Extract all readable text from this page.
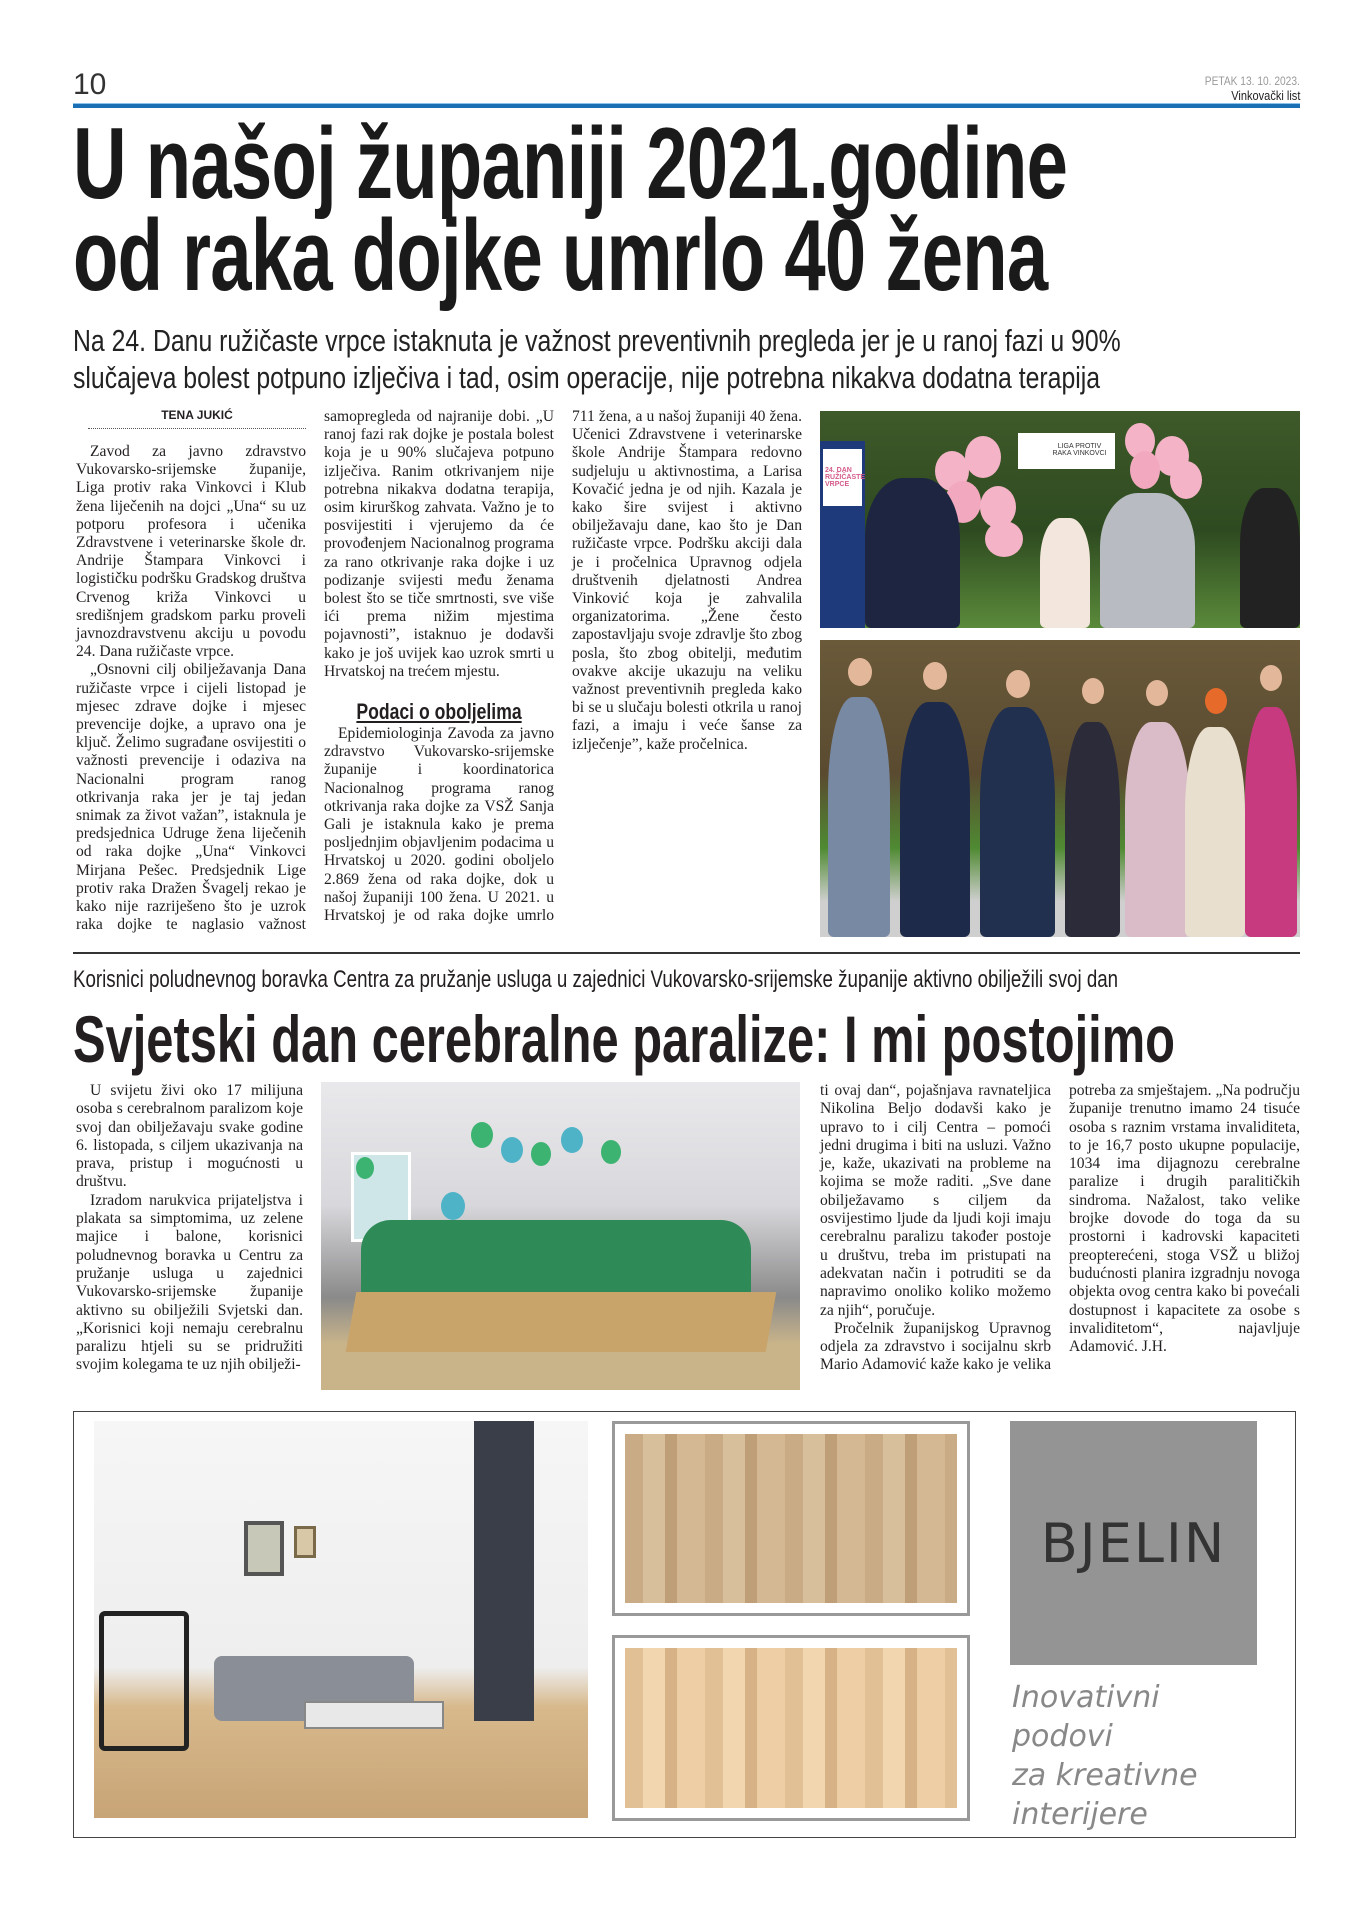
10	PETAK 13. 10. 2023.
Vinkovački list
U našoj županiji 2021.godine
od raka dojke umrlo 40 žena
Na 24. Danu ružičaste vrpce istaknuta je važnost preventivnih pregleda jer je u ranoj fazi u 90%
slučajeva bolest potpuno izlječiva i tad, osim operacije, nije potrebna nikakva dodatna terapija
TENA JUKIĆ

Zavod za javno zdravstvo Vukovarsko-srijemske županije, Liga protiv raka Vinkovci i Klub žena liječenih na dojci „Una“ su uz potporu profesora i učenika Zdravstvene i veterinarske škole dr. Andrije Štampara Vinkovci i logističku podršku Gradskog društva Crvenog križa Vinkovci u središnjem gradskom parku proveli javnozdravstvenu akciju u povodu 24. Dana ružičaste vrpce.

„Osnovni cilj obilježavanja Dana ružičaste vrpce i cijeli listopad je mjesec zdrave dojke i mjesec prevencije dojke, a upravo ona je ključ. Želimo sugrađane osvijestiti o važnosti prevencije i odaziva na Nacionalni program ranog otkrivanja raka jer je taj jedan snimak za život važan”, istaknula je predsjednica Udruge žena liječenih od raka dojke „Una“ Vinkovci Mirjana Pešec. Predsjednik Lige protiv raka Dražen Švagelj rekao je kako nije razriješeno što je uzrok raka dojke te naglasio važnost samopregleda od najranije dobi. „U ranoj fazi rak dojke je postala bolest koja je u 90% slučajeva potpuno izlječiva. Ranim otkrivanjem nije potrebna nikakva dodatna terapija, osim kirurškog zahvata. Važno je to posvijestiti i vjerujemo da će provođenjem Nacionalnog programa za rano otkrivanje raka dojke i uz podizanje svijesti među ženama bolest što se tiče smrtnosti, sve više ići prema nižim mjestima pojavnosti”, istaknuo je dodavši kako je još uvijek kao uzrok smrti u Hrvatskoj na trećem mjestu.

Podaci o oboljelima

Epidemiologinja Zavoda za javno zdravstvo Vukovarsko-srijemske županije i koordinatorica Nacionalnog programa ranog otkrivanja raka dojke za VSŽ Sanja Gali je istaknula kako je prema posljednjim objavljenim podacima u Hrvatskoj u 2020. godini oboljelo 2.869 žena od raka dojke, dok u našoj županiji 100 žena. U 2021. u Hrvatskoj je od raka dojke umrlo 711 žena, a u našoj županiji 40 žena. Učenici Zdravstvene i veterinarske škole Andrije Štampara redovno sudjeluju u aktivnostima, a Larisa Kovačić jedna je od njih. Kazala je kako šire svijest i aktivno obilježavaju dane, kao što je Dan ružičaste vrpce. Podršku akciji dala je i pročelnica Upravnog odjela društvenih djelatnosti Andrea Vinković koja je zahvalila organizatorima. „Žene često zapostavljaju svoje zdravlje što zbog posla, što zbog obitelji, međutim ovakve akcije ukazuju na veliku važnost preventivnih pregleda kako bi se u slučaju bolesti otkrila u ranoj fazi, a imaju i veće šanse za izlječenje”, kaže pročelnica.

24. DAN RUŽIČASTE VRPCE
LIGA PROTIV RAKA VINKOVCI
Korisnici poludnevnog boravka Centra za pružanje usluga u zajednici Vukovarsko-srijemske županije aktivno obilježili svoj dan
Svjetski dan cerebralne paralize: I mi postojimo

U svijetu živi oko 17 milijuna osoba s cerebralnom paralizom koje svoj dan obilježavaju svake godine 6. listopada, s ciljem ukazivanja na prava, pristup i mogućnosti u društvu.

Izradom narukvica prijateljstva i plakata sa simptomima, uz zelene majice i balone, korisnici poludnevnog boravka u Centru za pružanje usluga u zajednici Vukovarsko-srijemske županije aktivno su obilježili Svjetski dan. „Korisnici koji nemaju cerebralnu paralizu htjeli su se pridružiti svojim kolegama te uz njih obilježi-

ti ovaj dan“, pojašnjava ravnateljica Nikolina Beljo dodavši kako je upravo to i cilj Centra – pomoći jedni drugima i biti na usluzi. Važno je, kaže, ukazivati na probleme na kojima se može raditi. „Sve dane obilježavamo s ciljem da osvijestimo ljude da ljudi koji imaju cerebralnu paralizu također postoje u društvu, treba im pristupati na adekvatan način i potruditi se da napravimo onoliko koliko možemo za njih“, poručuje.

Pročelnik županijskog Upravnog odjela za zdravstvo i socijalnu skrb Mario Adamović kaže kako je velika potreba za smještajem. „Na području županije trenutno imamo 24 tisuće osoba s raznim vrstama invaliditeta, to je 16,7 posto ukupne populacije, 1034 ima dijagnozu cerebralne paralize i drugih paralitičkih sindroma. Nažalost, tako velike brojke dovode do toga da su prostorni i kadrovski kapaciteti preopterećeni, stoga VSŽ u bližoj budućnosti planira izgradnju novoga objekta ovog centra kako bi povećali dostupnost i kapacitete za osobe s invaliditetom“, najavljuje Adamović. J.H.

BJELIN
Inovativni
podovi
za kreativne
interijere
